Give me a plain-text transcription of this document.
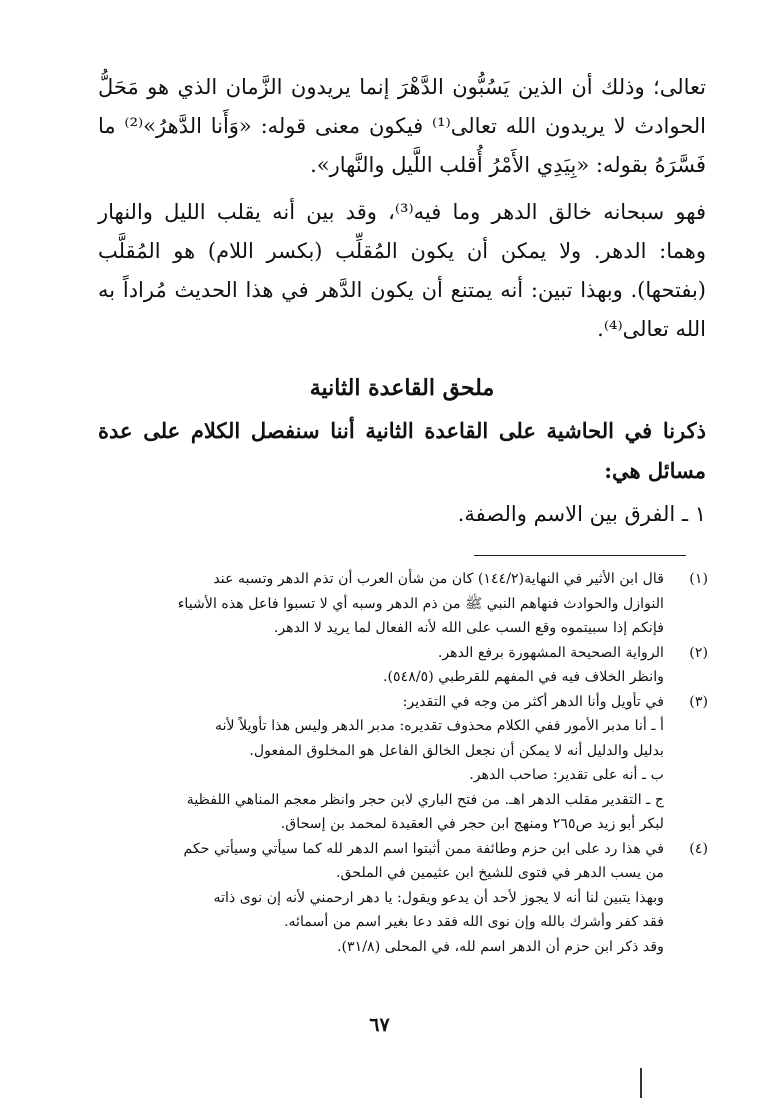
تعالى؛ وذلك أن الذين يَسُبُّون الدَّهْرَ إنما يريدون الزَّمان الذي هو مَحَلُّ الحوادث لا يريدون الله تعالى⁽¹⁾ فيكون معنى قوله: «وَأَنا الدَّهرُ»⁽²⁾ ما فَسَّرَهُ بقوله: «بِيَدِي الأَمْرُ أُقلب اللَّيل والنَّهار».

فهو سبحانه خالق الدهر وما فيه⁽³⁾، وقد بين أنه يقلب الليل والنهار وهما: الدهر. ولا يمكن أن يكون المُقلِّب (بكسر اللام) هو المُقلَّب (بفتحها). وبهذا تبين: أنه يمتنع أن يكون الدَّهر في هذا الحديث مُراداً به الله تعالى⁽⁴⁾.

ملحق القاعدة الثانية

ذكرنا في الحاشية على القاعدة الثانية أننا سنفصل الكلام على عدة مسائل هي:

١ ـ الفرق بين الاسم والصفة.

(١)
قال ابن الأثير في النهاية(١٤٤/٢) كان من شأن العرب أن تذم الدهر وتسبه عند
النوازل والحوادث فنهاهم النبي ﷺ من ذم الدهر وسبه أي لا تسبوا فاعل هذه الأشياء
فإنكم إذا سبيتموه وقع السب على الله لأنه الفعال لما يريد لا الدهر.
(٢)
الرواية الصحيحة المشهورة برفع الدهر.
وانظر الخلاف فيه في المفهم للقرطبي (٥٤٨/٥).
(٣)
في تأويل وأنا الدهر أكثر من وجه في التقدير:
أ ـ أنا مدبر الأمور ففي الكلام محذوف تقديره: مدبر الدهر وليس هذا تأويلاً لأنه
بدليل والدليل أنه لا يمكن أن نجعل الخالق الفاعل هو المخلوق المفعول.
ب ـ أنه على تقدير: صاحب الدهر.
ج ـ التقدير مقلب الدهر اهـ. من فتح الباري لابن حجر وانظر معجم المناهي اللفظية
لبكر أبو زيد ص٢٦٥ ومنهج ابن حجر في العقيدة لمحمد بن إسحاق.
(٤)
في هذا رد على ابن حزم وطائفة ممن أثبتوا اسم الدهر لله كما سيأتي وسيأتي حكم
من يسب الدهر في فتوى للشيخ ابن عثيمين في الملحق.
وبهذا يتبين لنا أنه لا يجوز لأحد أن يدعو ويقول: يا دهر ارحمني لأنه إن نوى ذاته
فقد كفر وأشرك بالله وإن نوى الله فقد دعا بغير اسم من أسمائه.
وقد ذكر ابن حزم أن الدهر اسم لله، في المحلى (٣١/٨).
٦٧
